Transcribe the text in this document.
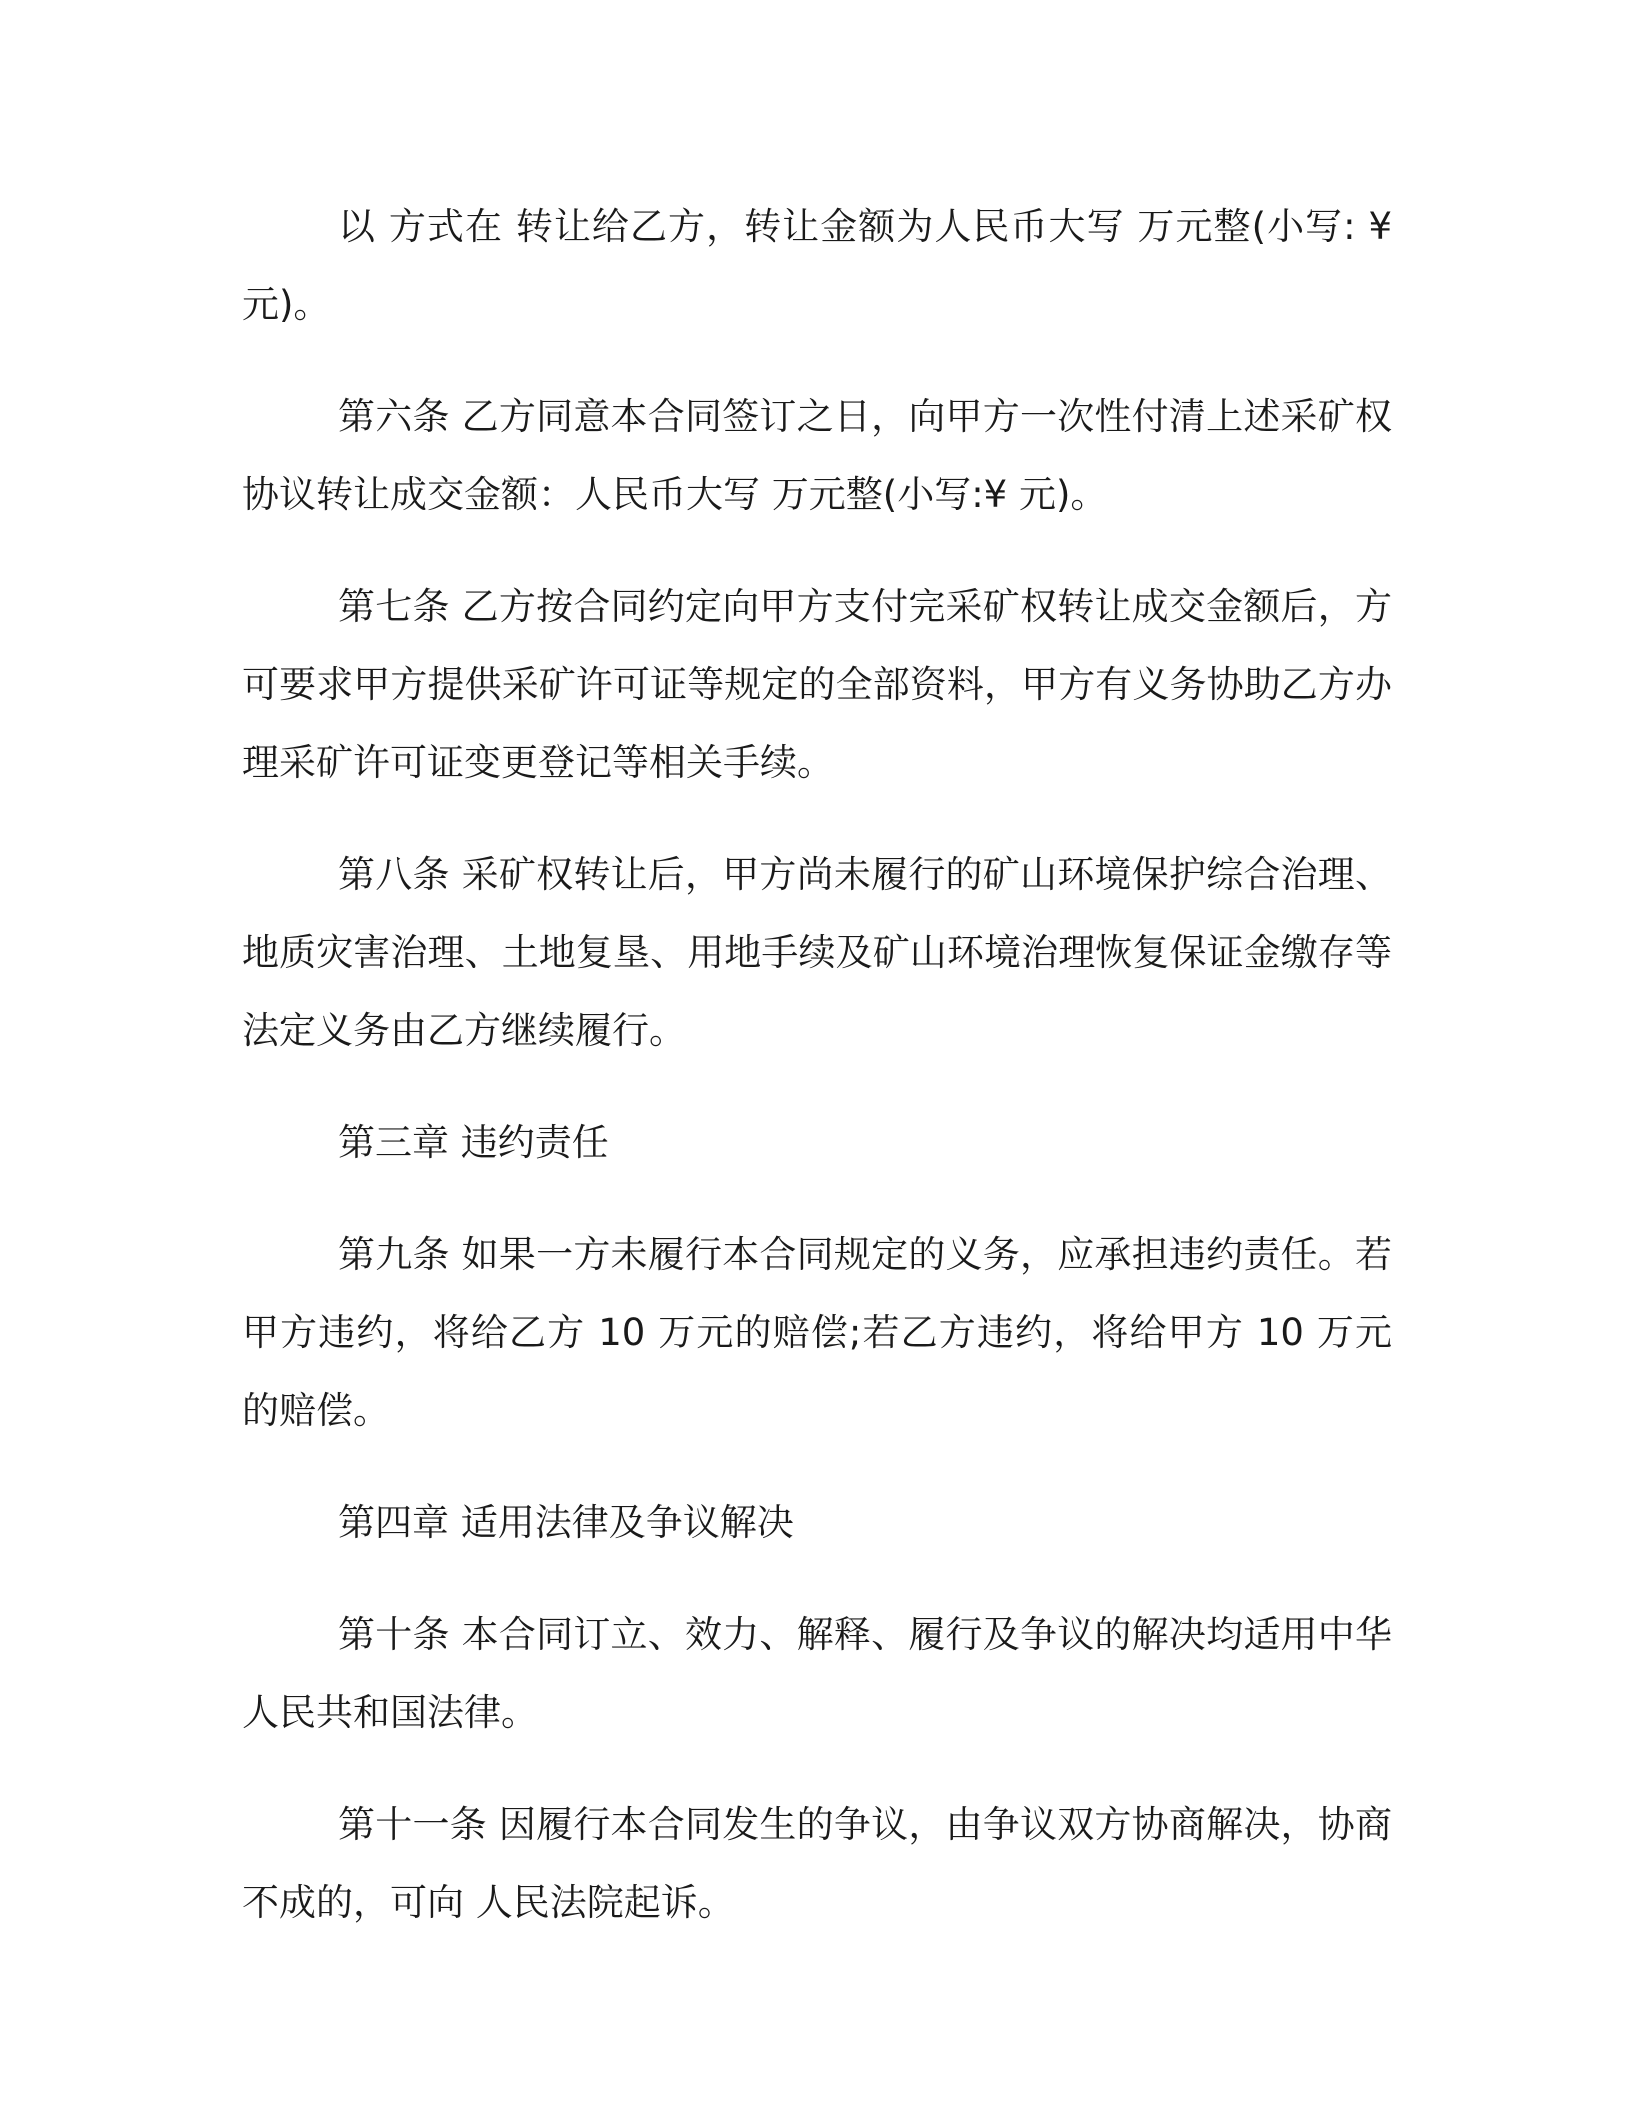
以 方式在 转让给乙方，转让金额为人民币大写 万元整(小写: ¥ 元)。

第六条 乙方同意本合同签订之日，向甲方一次性付清上述采矿权协议转让成交金额：人民币大写 万元整(小写:¥ 元)。

第七条 乙方按合同约定向甲方支付完采矿权转让成交金额后，方可要求甲方提供采矿许可证等规定的全部资料，甲方有义务协助乙方办理采矿许可证变更登记等相关手续。

第八条 采矿权转让后，甲方尚未履行的矿山环境保护综合治理、地质灾害治理、土地复垦、用地手续及矿山环境治理恢复保证金缴存等法定义务由乙方继续履行。

第三章 违约责任

第九条 如果一方未履行本合同规定的义务，应承担违约责任。若甲方违约，将给乙方 10 万元的赔偿;若乙方违约，将给甲方 10 万元的赔偿。

第四章 适用法律及争议解决

第十条 本合同订立、效力、解释、履行及争议的解决均适用中华人民共和国法律。

第十一条 因履行本合同发生的争议，由争议双方协商解决，协商不成的，可向 人民法院起诉。
